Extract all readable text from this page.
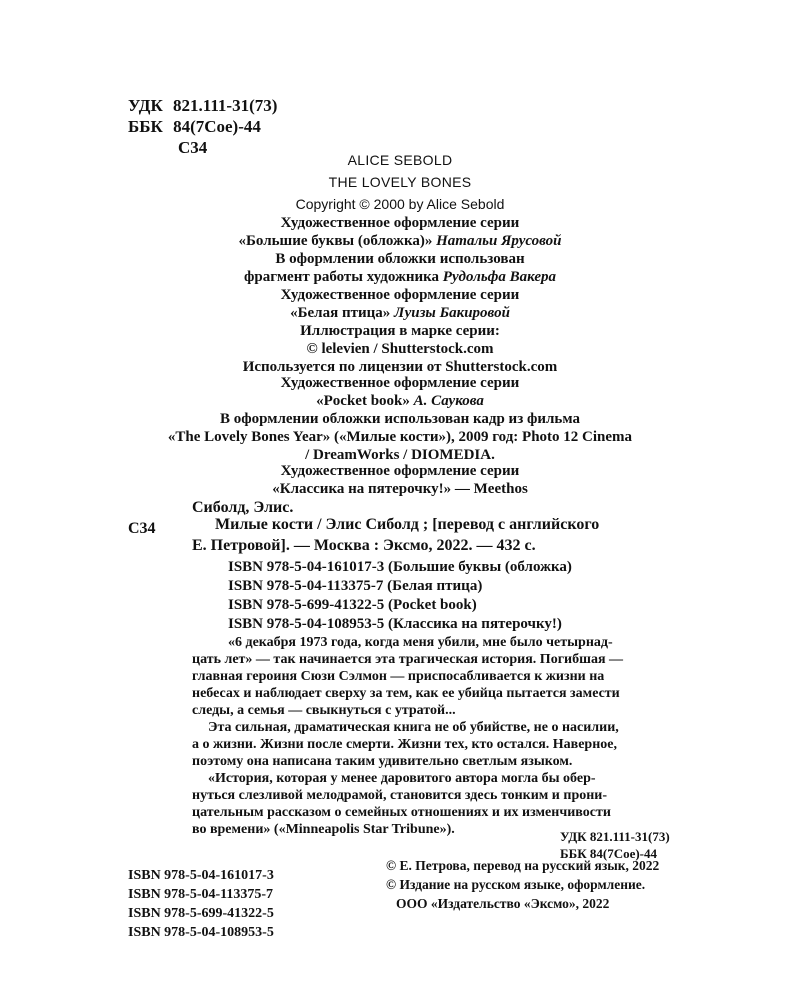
УДК 821.111-31(73)
ББК 84(7Сое)-44
С34
ALICE SEBOLD
THE LOVELY BONES
Copyright © 2000 by Alice Sebold
Художественное оформление серии
«Большие буквы (обложка)» Натальи Ярусовой
В оформлении обложки использован
фрагмент работы художника Рудольфа Вакера
Художественное оформление серии
«Белая птица» Луизы Бакировой
Иллюстрация в марке серии:
© lelevien / Shutterstock.com
Используется по лицензии от Shutterstock.com
Художественное оформление серии
«Pocket book» А. Саукова
В оформлении обложки использован кадр из фильма
«The Lovely Bones Year» («Милые кости»), 2009 год: Photo 12 Cinema
/ DreamWorks / DIOMEDIA.
Художественное оформление серии
«Классика на пятерочку!» — Meethos
Сиболд, Элис.
С34	Милые кости / Элис Сиболд ; [перевод с английского
Е. Петровой]. — Москва : Эксмо, 2022. — 432 с.
ISBN 978-5-04-161017-3 (Большие буквы (обложка)
ISBN 978-5-04-113375-7 (Белая птица)
ISBN 978-5-699-41322-5 (Pocket book)
ISBN 978-5-04-108953-5 (Классика на пятерочку!)
«6 декабря 1973 года, когда меня убили, мне было четырнад-
цать лет» — так начинается эта трагическая история. Погибшая —
главная героиня Сюзи Сэлмон — приспосабливается к жизни на
небесах и наблюдает сверху за тем, как ее убийца пытается замести
следы, а семья — свыкнуться с утратой...
Эта сильная, драматическая книга не об убийстве, не о насилии,
а о жизни. Жизни после смерти. Жизни тех, кто остался. Наверное,
поэтому она написана таким удивительно светлым языком.
«История, которая у менее даровитого автора могла бы обер-
нуться слезливой мелодрамой, становится здесь тонким и прони-
цательным рассказом о семейных отношениях и их изменчивости
во времени» («Minneapolis Star Tribune»).	УДК 821.111-31(73)
ББК 84(7Сое)-44
ISBN 978-5-04-161017-3
ISBN 978-5-04-113375-7
ISBN 978-5-699-41322-5
ISBN 978-5-04-108953-5
© Е. Петрова, перевод на русский язык, 2022
© Издание на русском языке, оформление.
ООО «Издательство «Эксмо», 2022
